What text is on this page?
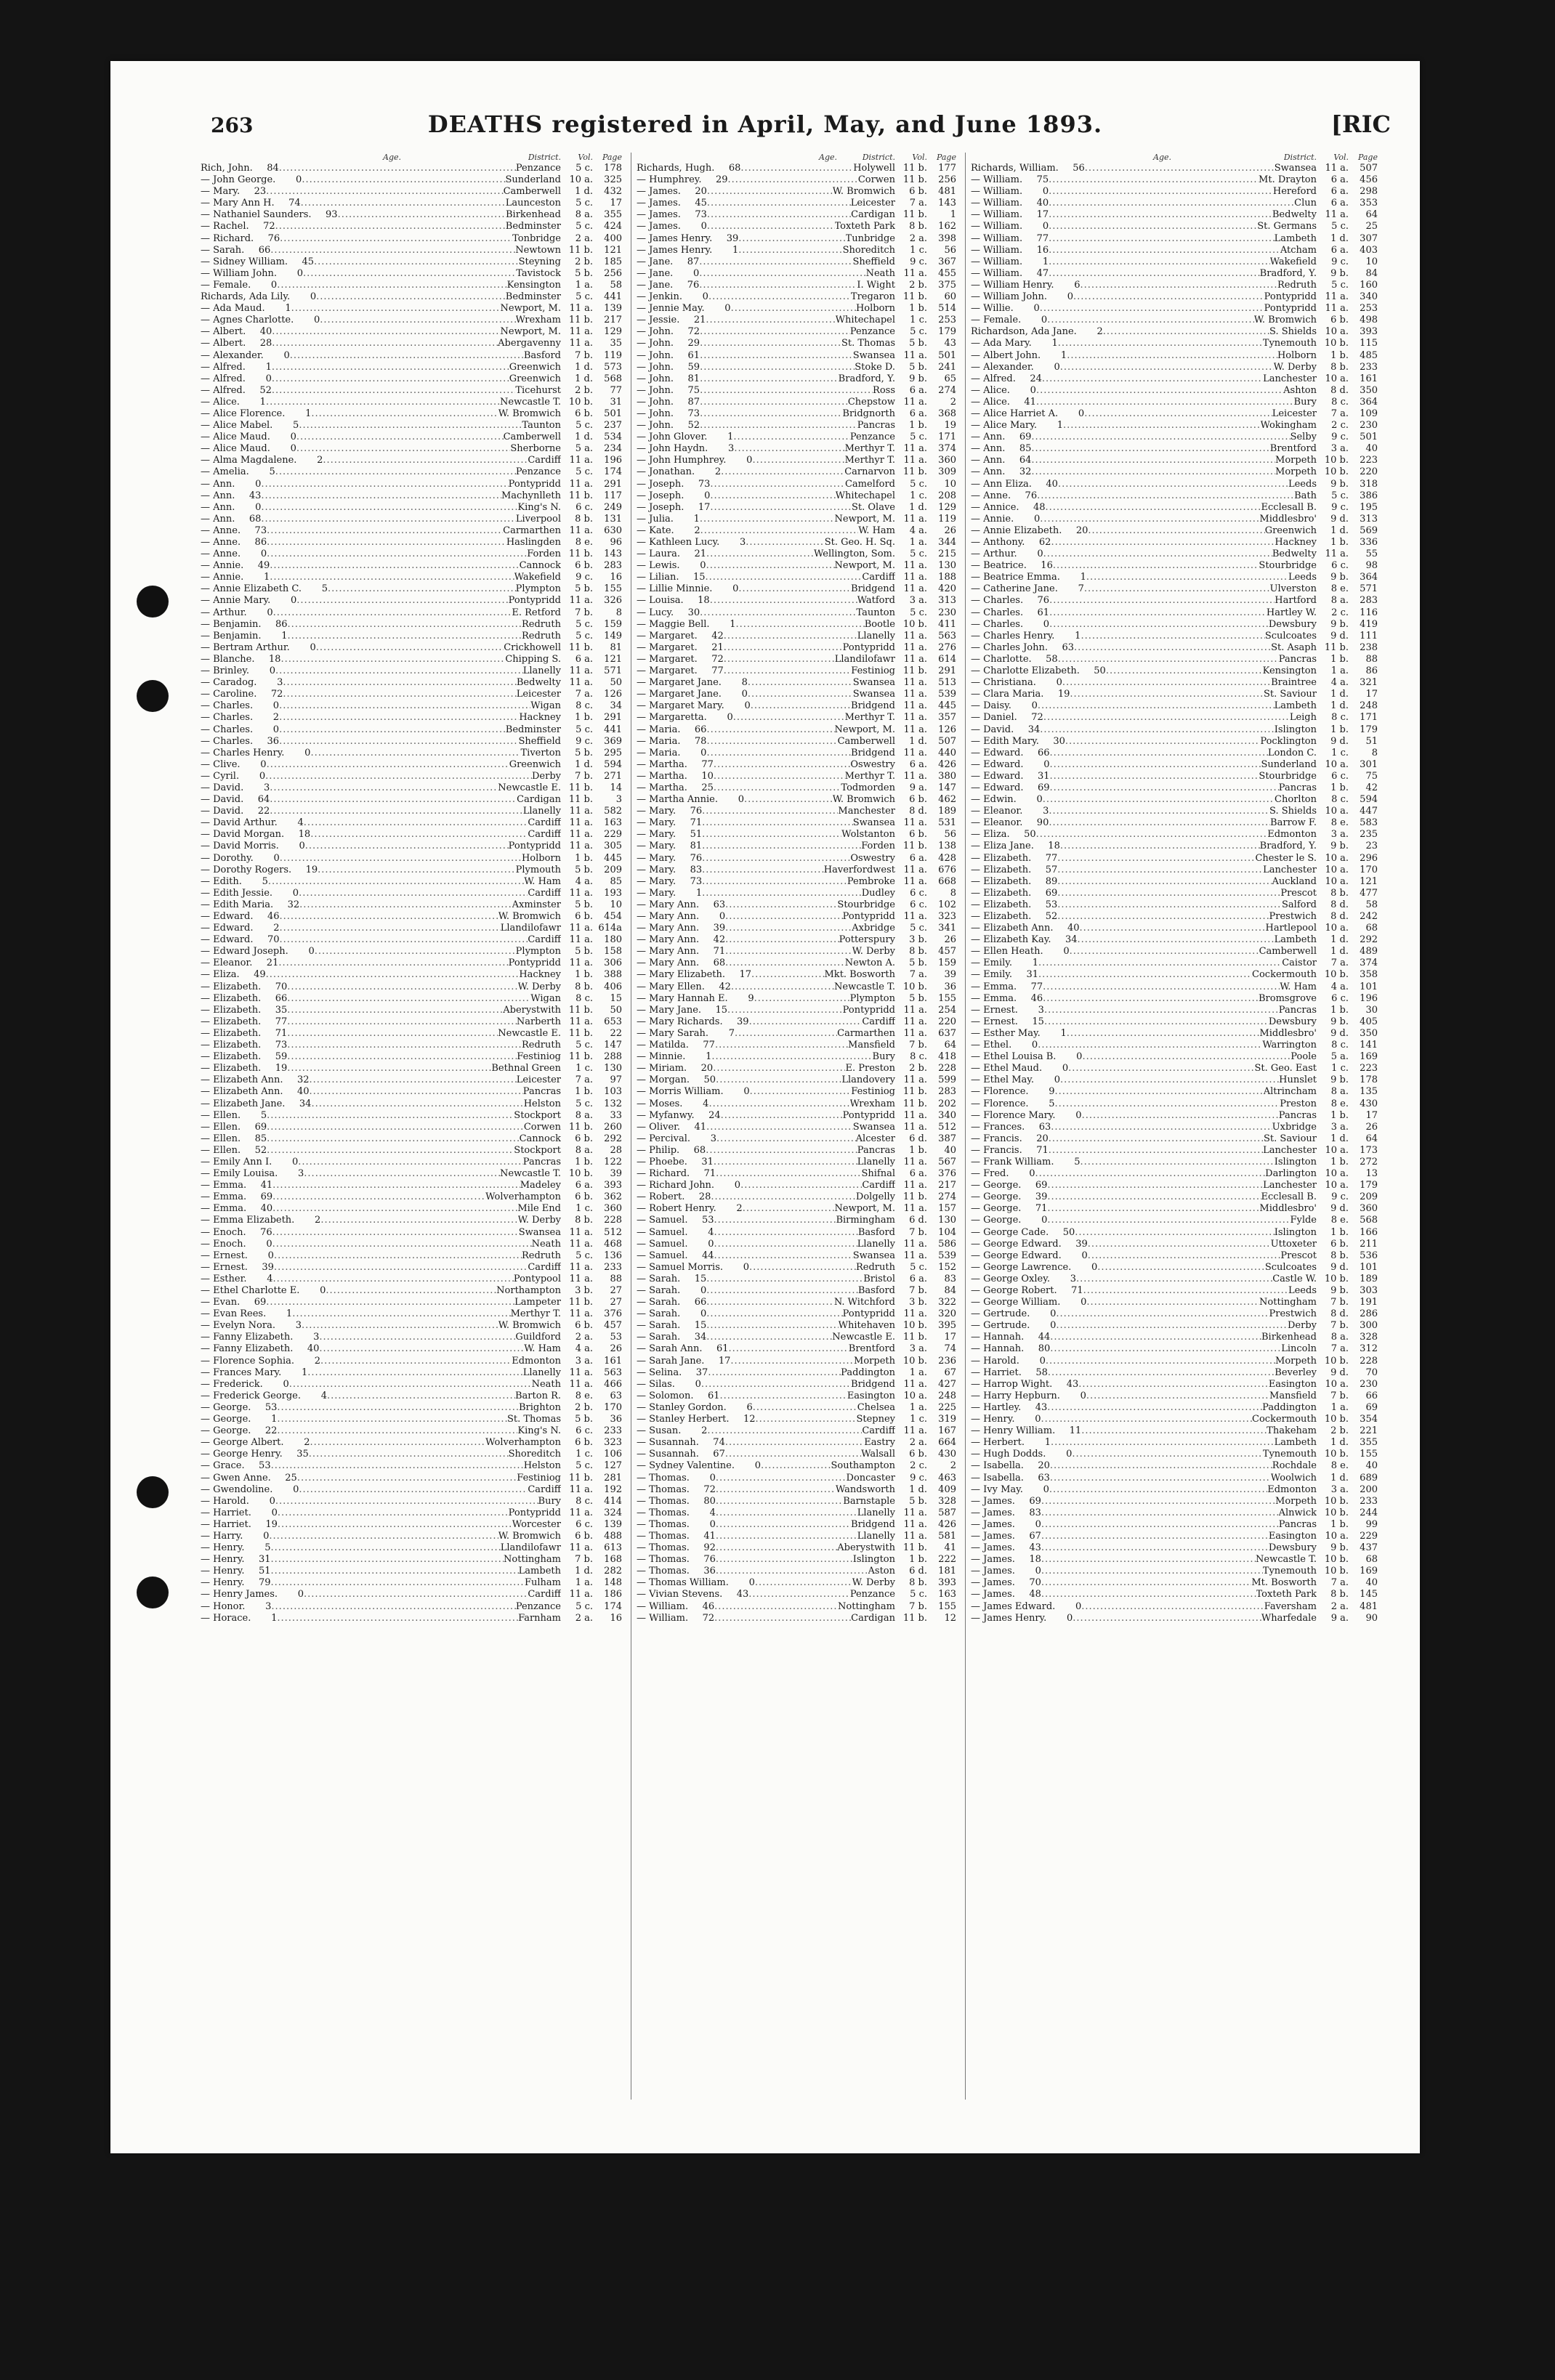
263	DEATHS registered in April, May, and June 1893.	[RIC
Age.	District.	Vol.	Page
Rich, John.	84 .....	Penzance	5 c.	178
— John George.	0 .....	Sunderland 10 a.	325
— Mary.	23 .....	Camberwell	1 d.	432
— Mary Ann H.	74 .....	Launceston	5 c.	17
— Nathaniel Saunders.	93 .....	Birkenhead	8 a.	355
— Rachel.	72 .....	Bedminster	5 c.	424
— Richard.	76 .....	Tonbridge	2 a.	400
— Sarah.	66 .....	Newtown 11 b.	121
— Sidney William.	45 .....	Steyning	2 b.	185
— William John.	0 .....	Tavistock	5 b.	256
— Female.	0 .....	Kensington	1 a.	58
Richards, Ada Lily.	0 .....	Bedminster	5 c.	441
— Ada Maud.	1 .....	Newport, M. 11 a.	139
— Agnes Charlotte.	0 .....	Wrexham 11 b.	217
— Albert.	40 .....	Newport, M. 11 a.	129
— Albert.	28 .....	Abergavenny 11 a.	35
— Alexander.	0 .....	Basford	7 b.	119
— Alfred.	1 .....	Greenwich	1 d.	573
— Alfred.	0 .....	Greenwich	1 d.	568
— Alfred.	52 .....	Ticehurst	2 b.	77
— Alice.	1 .....	Newcastle T. 10 b.	31
— Alice Florence.	1 .....	W. Bromwich	6 b.	501
— Alice Mabel.	5 .....	Taunton	5 c.	237
— Alice Maud.	0 .....	Camberwell	1 d.	534
— Alice Maud.	0 .....	Sherborne	5 a.	234
— Alma Magdalene.	2 .....	Cardiff 11 a.	196
— Amelia.	5 .....	Penzance	5 c.	174
— Ann.	0 .....	Pontypridd 11 a.	291
— Ann.	43 .....	Machynlleth 11 b.	117
— Ann.	0 .....	King's N.	6 c.	249
— Ann.	68 .....	Liverpool	8 b.	131
— Anne.	73 .....	Carmarthen 11 a.	630
— Anne.	86 .....	Haslingden	8 e.	96
— Anne.	0 .....	Forden 11 b.	143
— Annie.	49 .....	Cannock	6 b.	283
— Annie.	1 .....	Wakefield	9 c.	16
— Annie Elizabeth C.	5 .....	Plympton	5 b.	155
— Annie Mary.	0 .....	Pontypridd 11 a.	326
— Arthur.	0 .....	E. Retford	7 b.	8
— Benjamin.	86 .....	Redruth	5 c.	159
— Benjamin.	1 .....	Redruth	5 c.	149
— Bertram Arthur.	0 .....	Crickhowell 11 b.	81
— Blanche.	18 .....	Chipping S.	6 a.	121
— Brinley.	0 .....	Llanelly 11 a.	571
— Caradog.	3 .....	Bedwelty 11 a.	50
— Caroline.	72 .....	Leicester	7 a.	126
— Charles.	0 .....	Wigan	8 c.	34
— Charles.	2 .....	Hackney	1 b.	291
— Charles.	0 .....	Bedminster	5 c.	441
— Charles.	36 .....	Sheffield	9 c.	369
— Charles Henry.	0 .....	Tiverton	5 b.	295
— Clive.	0 .....	Greenwich	1 d.	594
— Cyril.	0 .....	Derby	7 b.	271
— David.	3 .....	Newcastle E. 11 b.	14
— David.	64 .....	Cardigan 11 b.	3
— David.	22 .....	Llanelly 11 a.	582
— David Arthur.	4 .....	Cardiff 11 a.	163
— David Morgan.	18 .....	Cardiff 11 a.	229
— David Morris.	0 .....	Pontypridd 11 a.	305
— Dorothy.	0 .....	Holborn	1 b.	445
— Dorothy Rogers.	19 .....	Plymouth	5 b.	209
— Edith.	5 .....	W. Ham	4 a.	85
— Edith Jessie.	0 .....	Cardiff 11 a.	193
— Edith Maria.	32 .....	Axminster	5 b.	10
— Edward.	46 .....	W. Bromwich	6 b.	454
— Edward.	2 .....	Llandilofawr 11 a. 614a
— Edward.	70 .....	Cardiff 11 a.	180
— Edward Joseph.	0 .....	Plympton	5 b.	158
— Eleanor.	21 .....	Pontypridd 11 a.	306
— Eliza.	49 .....	Hackney	1 b.	388
— Elizabeth.	70 .....	W. Derby	8 b.	406
— Elizabeth.	66 .....	Wigan	8 c.	15
— Elizabeth.	35 .....	Aberystwith 11 b.	50
— Elizabeth.	77 .....	Narberth 11 a.	653
— Elizabeth.	71 .....	Newcastle E. 11 b.	22
— Elizabeth.	73 .....	Redruth	5 c.	147
— Elizabeth.	59 .....	Festiniog 11 b.	288
— Elizabeth.	19 .....	Bethnal Green	1 c.	130
— Elizabeth Ann.	32 .....	Leicester	7 a.	97
— Elizabeth Ann.	40 .....	Pancras	1 b.	103
— Elizabeth Jane.	34 .....	Helston	5 c.	132
— Ellen.	5 .....	Stockport	8 a.	33
— Ellen.	69 .....	Corwen 11 b.	260
— Ellen.	85 .....	Cannock	6 b.	292
— Ellen.	52 .....	Stockport	8 a.	28
— Emily Ann I.	0 .....	Pancras	1 b.	122
— Emily Louisa.	3 .....	Newcastle T. 10 b.	39
— Emma.	41 .....	Madeley	6 a.	393
— Emma.	69 .....	Wolverhampton	6 b.	362
— Emma.	40 .....	Mile End	1 c.	360
— Emma Elizabeth.	2 .....	W. Derby	8 b.	228
— Enoch.	76 .....	Swansea 11 a.	512
— Enoch.	0 .....	Neath 11 a.	468
— Ernest.	0 .....	Redruth	5 c.	136
— Ernest.	39 .....	Cardiff 11 a.	233
— Esther.	4 .....	Pontypool 11 a.	88
— Ethel Charlotte E.	0 .....	Northampton	3 b.	27
— Evan.	69 .....	Lampeter 11 b.	27
— Evan Rees.	1 .....	Merthyr T. 11 a.	376
— Evelyn Nora.	3 .....	W. Bromwich	6 b.	457
— Fanny Elizabeth.	3 .....	Guildford	2 a.	53
— Fanny Elizabeth.	40 .....	W. Ham	4 a.	26
— Florence Sophia.	2 .....	Edmonton	3 a.	161
— Frances Mary.	1 .....	Llanelly 11 a.	563
— Frederick.	0 .....	Neath 11 a.	466
— Frederick George.	4 .....	Barton R.	8 e.	63
— George.	53 .....	Brighton	2 b.	170
— George.	1 .....	St. Thomas	5 b.	36
— George.	22 .....	King's N.	6 c.	233
— George Albert.	2 .....	Wolverhampton	6 b.	323
— George Henry.	35 .....	Shoreditch	1 c.	106
— Grace.	53 .....	Helston	5 c.	127
— Gwen Anne.	25 .....	Festiniog 11 b.	281
— Gwendoline.	0 .....	Cardiff 11 a.	192
— Harold.	0 .....	Bury	8 c.	414
— Harriet.	0 .....	Pontypridd 11 a.	324
— Harriet.	19 .....	Worcester	6 c.	139
— Harry.	0 .....	W. Bromwich	6 b.	488
— Henry.	5 .....	Llandilofawr 11 a.	613
— Henry.	31 .....	Nottingham	7 b.	168
— Henry.	51 .....	Lambeth	1 d.	282
— Henry.	79 .....	Fulham	1 a.	148
— Henry James.	0 .....	Cardiff 11 a.	186
— Honor.	3 .....	Penzance	5 c.	174
— Horace.	1 .....	Farnham	2 a.	16
Age.	District.	Vol.	Page
Richards, Hugh.	68 .....	Holywell 11 b.	177
— Humphrey.	29 .....	Corwen 11 b.	256
— James.	20 .....	W. Bromwich	6 b.	481
— James.	45 .....	Leicester	7 a.	143
— James.	73 .....	Cardigan 11 b.	1
— James.	0 .....	Toxteth Park	8 b.	162
— James Henry.	39 .....	Tunbridge	2 a.	398
— James Henry.	1 .....	Shoreditch	1 c.	56
— Jane.	87 .....	Sheffield	9 c.	367
— Jane.	0 .....	Neath 11 a.	455
— Jane.	76 .....	I. Wight	2 b.	375
— Jenkin.	0 .....	Tregaron 11 b.	60
— Jennie May.	0 .....	Holborn	1 b.	514
— Jessie.	21 .....	Whitechapel	1 c.	253
— John.	72 .....	Penzance	5 c.	179
— John.	29 .....	St. Thomas	5 b.	43
— John.	61 .....	Swansea 11 a.	501
— John.	59 .....	Stoke D.	5 b.	241
— John.	81 .....	Bradford, Y.	9 b.	65
— John.	75 .....	Ross	6 a.	274
— John.	87 .....	Chepstow 11 a.	2
— John.	73 .....	Bridgnorth	6 a.	368
— John.	52 .....	Pancras	1 b.	19
— John Glover.	1 .....	Penzance	5 c.	171
— John Haydn.	3 .....	Merthyr T. 11 a.	374
— John Humphrey.	0 .....	Merthyr T. 11 a.	360
— Jonathan.	2 .....	Carnarvon 11 b.	309
— Joseph.	73 .....	Camelford	5 c.	10
— Joseph.	0 .....	Whitechapel	1 c.	208
— Joseph.	17 .....	St. Olave	1 d.	129
— Julia.	1 .....	Newport, M. 11 a.	119
— Kate.	2 .....	W. Ham	4 a.	26
— Kathleen Lucy.	3 .....	St. Geo. H. Sq.	1 a.	344
— Laura.	21 .....	Wellington, Som.	5 c.	215
— Lewis.	0 .....	Newport, M. 11 a.	130
— Lilian.	15 .....	Cardiff 11 a.	188
— Lillie Minnie.	0 .....	Bridgend 11 a.	420
— Louisa.	18 .....	Watford	3 a.	313
— Lucy.	30 .....	Taunton	5 c.	230
— Maggie Bell.	1 .....	Bootle 10 b.	411
— Margaret.	42 .....	Llanelly 11 a.	563
— Margaret.	21 .....	Pontypridd 11 a.	276
— Margaret.	72 .....	Llandilofawr 11 a.	614
— Margaret.	77 .....	Festiniog 11 b.	291
— Margaret Jane.	8 .....	Swansea 11 a.	513
— Margaret Jane.	0 .....	Swansea 11 a.	539
— Margaret Mary.	0 .....	Bridgend 11 a.	445
— Margaretta.	0 .....	Merthyr T. 11 a.	357
— Maria.	66 .....	Newport, M. 11 a.	126
— Maria.	78 .....	Camberwell	1 d.	507
— Maria.	0 .....	Bridgend 11 a.	440
— Martha.	77 .....	Oswestry	6 a.	426
— Martha.	10 .....	Merthyr T. 11 a.	380
— Martha.	25 .....	Todmorden	9 a.	147
— Martha Annie.	0 .....	W. Bromwich	6 b.	462
— Mary.	76 .....	Manchester	8 d.	189
— Mary.	71 .....	Swansea 11 a.	531
— Mary.	51 .....	Wolstanton	6 b.	56
— Mary.	81 .....	Forden 11 b.	138
— Mary.	76 .....	Oswestry	6 a.	428
— Mary.	83 .....	Haverfordwest 11 a.	676
— Mary.	73 .....	Pembroke 11 a.	668
— Mary.	1 .....	Dudley	6 c.	8
— Mary Ann.	63 .....	Stourbridge	6 c.	102
— Mary Ann.	0 .....	Pontypridd 11 a.	323
— Mary Ann.	39 .....	Axbridge	5 c.	341
— Mary Ann.	42 .....	Potterspury	3 b.	26
— Mary Ann.	71 .....	W. Derby	8 b.	457
— Mary Ann.	68 .....	Newton A.	5 b.	159
— Mary Elizabeth.	17 .....	Mkt. Bosworth	7 a.	39
— Mary Ellen.	42 .....	Newcastle T. 10 b.	36
— Mary Hannah E.	9 .....	Plympton	5 b.	155
— Mary Jane.	15 .....	Pontypridd 11 a.	254
— Mary Richards.	39 .....	Cardiff 11 a.	220
— Mary Sarah.	7 .....	Carmarthen 11 a.	637
— Matilda.	77 .....	Mansfield	7 b.	64
— Minnie.	1 .....	Bury	8 c.	418
— Miriam.	20 .....	E. Preston	2 b.	228
— Morgan.	50 .....	Llandovery 11 a.	599
— Morris William.	0 .....	Festiniog 11 b.	283
— Moses.	4 .....	Wrexham 11 b.	202
— Myfanwy.	24 .....	Pontypridd 11 a.	340
— Oliver.	41 .....	Swansea 11 a.	512
— Percival.	3 .....	Alcester	6 d.	387
— Philip.	68 .....	Pancras	1 b.	40
— Phoebe.	31 .....	Llanelly 11 a.	567
— Richard.	71 .....	Shifnal	6 a.	376
— Richard John.	0 .....	Cardiff 11 a.	217
— Robert.	28 .....	Dolgelly 11 b.	274
— Robert Henry.	2 .....	Newport, M. 11 a.	157
— Samuel.	53 .....	Birmingham	6 d.	130
— Samuel.	4 .....	Basford	7 b.	104
— Samuel.	0 .....	Llanelly 11 a.	586
— Samuel.	44 .....	Swansea 11 a.	539
— Samuel Morris.	0 .....	Redruth	5 c.	152
— Sarah.	15 .....	Bristol	6 a.	83
— Sarah.	0 .....	Basford	7 b.	84
— Sarah.	66 .....	N. Witchford	3 b.	322
— Sarah.	0 .....	Pontypridd 11 a.	320
— Sarah.	15 .....	Whitehaven 10 b.	395
— Sarah.	34 .....	Newcastle E. 11 b.	17
— Sarah Ann.	61 .....	Brentford	3 a.	74
— Sarah Jane.	17 .....	Morpeth 10 b.	236
— Selina.	37 .....	Paddington	1 a.	67
— Silas.	0 .....	Bridgend 11 a.	427
— Solomon.	61 .....	Easington 10 a.	248
— Stanley Gordon.	6 .....	Chelsea	1 a.	225
— Stanley Herbert.	12 .....	Stepney	1 c.	319
— Susan.	2 .....	Cardiff 11 a.	167
— Susannah.	74 .....	Eastry	2 a.	664
— Susannah.	67 .....	Walsall	6 b.	430
— Sydney Valentine.	0 .....	Southampton	2 c.	2
— Thomas.	0 .....	Doncaster	9 c.	463
— Thomas.	72 .....	Wandsworth	1 d.	409
— Thomas.	80 .....	Barnstaple	5 b.	328
— Thomas.	4 .....	Llanelly 11 a.	587
— Thomas.	0 .....	Bridgend 11 a.	426
— Thomas.	41 .....	Llanelly 11 a.	581
— Thomas.	92 .....	Aberystwith 11 b.	41
— Thomas.	76 .....	Islington	1 b.	222
— Thomas.	36 .....	Aston	6 d.	181
— Thomas William.	0 .....	W. Derby	8 b.	393
— Vivian Stevens.	43 .....	Penzance	5 c.	163
— William.	46 .....	Nottingham	7 b.	155
— William.	72 .....	Cardigan 11 b.	12
Age.	District.	Vol.	Page
Richards, William.	56 .....	Swansea 11 a.	507
— William.	75 .....	Mt. Drayton	6 a.	456
— William.	0 .....	Hereford	6 a.	298
— William.	40 .....	Clun	6 a.	353
— William.	17 .....	Bedwelty 11 a.	64
— William.	0 .....	St. Germans	5 c.	25
— William.	77 .....	Lambeth	1 d.	307
— William.	16 .....	Atcham	6 a.	403
— William.	1 .....	Wakefield	9 c.	10
— William.	47 .....	Bradford, Y.	9 b.	84
— William Henry.	6 .....	Redruth	5 c.	160
— William John.	0 .....	Pontypridd 11 a.	340
— Willie.	0 .....	Pontypridd 11 a.	253
— Female.	0 .....	W. Bromwich	6 b.	498
Richardson, Ada Jane.	2 .....	S. Shields 10 a.	393
— Ada Mary.	1 .....	Tynemouth 10 b.	115
— Albert John.	1 .....	Holborn	1 b.	485
— Alexander.	0 .....	W. Derby	8 b.	233
— Alfred.	24 .....	Lanchester 10 a.	161
— Alice.	0 .....	Ashton	8 d.	350
— Alice.	41 .....	Bury	8 c.	364
— Alice Harriet A.	0 .....	Leicester	7 a.	109
— Alice Mary.	1 .....	Wokingham	2 c.	230
— Ann.	69 .....	Selby	9 c.	501
— Ann.	85 .....	Brentford	3 a.	40
— Ann.	64 .....	Morpeth 10 b.	223
— Ann.	32 .....	Morpeth 10 b.	220
— Ann Eliza.	40 .....	Leeds	9 b.	318
— Anne.	76 .....	Bath	5 c.	386
— Annice.	48 .....	Ecclesall B.	9 c.	195
— Annie.	0 .....	Middlesbro'	9 d.	313
— Annie Elizabeth.	20 .....	Greenwich	1 d.	569
— Anthony.	62 .....	Hackney	1 b.	336
— Arthur.	0 .....	Bedwelty 11 a.	55
— Beatrice.	16 .....	Stourbridge	6 c.	98
— Beatrice Emma.	1 .....	Leeds	9 b.	364
— Catherine Jane.	7 .....	Ulverston	8 e.	571
— Charles.	76 .....	Hartford	8 a.	283
— Charles.	61 .....	Hartley W.	2 c.	116
— Charles.	0 .....	Dewsbury	9 b.	419
— Charles Henry.	1 .....	Sculcoates	9 d.	111
— Charles John.	63 .....	St. Asaph 11 b.	238
— Charlotte.	58 .....	Pancras	1 b.	88
— Charlotte Elizabeth.	50 .....	Kensington	1 a.	86
— Christiana.	0 .....	Braintree	4 a.	321
— Clara Maria.	19 .....	St. Saviour	1 d.	17
— Daisy.	0 .....	Lambeth	1 d.	248
— Daniel.	72 .....	Leigh	8 c.	171
— David.	34 .....	Islington	1 b.	179
— Edith Mary.	30 .....	Pocklington	9 d.	51
— Edward.	66 .....	London C.	1 c.	8
— Edward.	0 .....	Sunderland 10 a.	301
— Edward.	31 .....	Stourbridge	6 c.	75
— Edward.	69 .....	Pancras	1 b.	42
— Edwin.	0 .....	Chorlton	8 c.	594
— Eleanor.	3 .....	S. Shields 10 a.	447
— Eleanor.	90 .....	Barrow F.	8 e.	583
— Eliza.	50 .....	Edmonton	3 a.	235
— Eliza Jane.	18 .....	Bradford, Y.	9 b.	23
— Elizabeth.	77 .....	Chester le S. 10 a.	296
— Elizabeth.	57 .....	Lanchester 10 a.	170
— Elizabeth.	89 .....	Auckland 10 a.	121
— Elizabeth.	69 .....	Prescot	8 b.	477
— Elizabeth.	53 .....	Salford	8 d.	58
— Elizabeth.	52 .....	Prestwich	8 d.	242
— Elizabeth Ann.	40 .....	Hartlepool 10 a.	68
— Elizabeth Kay.	34 .....	Lambeth	1 d.	292
— Ellen Heath.	0 .....	Camberwell	1 d.	489
— Emily.	1 .....	Caistor	7 a.	374
— Emily.	31 .....	Cockermouth 10 b.	358
— Emma.	77 .....	W. Ham	4 a.	101
— Emma.	46 .....	Bromsgrove	6 c.	196
— Ernest.	3 .....	Pancras	1 b.	30
— Ernest.	15 .....	Dewsbury	9 b.	405
— Esther May.	1 .....	Middlesbro'	9 d.	350
— Ethel.	0 .....	Warrington	8 c.	141
— Ethel Louisa B.	0 .....	Poole	5 a.	169
— Ethel Maud.	0 .....	St. Geo. East	1 c.	223
— Ethel May.	0 .....	Hunslet	9 b.	178
— Florence.	9 .....	Altrincham	8 a.	135
— Florence.	5 .....	Preston	8 e.	430
— Florence Mary.	0 .....	Pancras	1 b.	17
— Frances.	63 .....	Uxbridge	3 a.	26
— Francis.	20 .....	St. Saviour	1 d.	64
— Francis.	71 .....	Lanchester 10 a.	173
— Frank William.	5 .....	Islington	1 b.	272
— Fred.	0 .....	Darlington 10 a.	13
— George.	69 .....	Lanchester 10 a.	179
— George.	39 .....	Ecclesall B.	9 c.	209
— George.	71 .....	Middlesbro'	9 d.	360
— George.	0 .....	Fylde	8 e.	568
— George Cade.	50 .....	Islington	1 b.	166
— George Edward.	39 .....	Uttoxeter	6 b.	211
— George Edward.	0 .....	Prescot	8 b.	536
— George Lawrence.	0 .....	Sculcoates	9 d.	101
— George Oxley.	3 .....	Castle W. 10 b.	189
— George Robert.	71 .....	Leeds	9 b.	303
— George William.	0 .....	Nottingham	7 b.	191
— Gertrude.	0 .....	Prestwich	8 d.	286
— Gertrude.	0 .....	Derby	7 b.	300
— Hannah.	44 .....	Birkenhead	8 a.	328
— Hannah.	80 .....	Lincoln	7 a.	312
— Harold.	0 .....	Morpeth 10 b.	228
— Harriet.	58 .....	Beverley	9 d.	70
— Harrop Wight.	43 .....	Easington 10 a.	230
— Harry Hepburn.	0 .....	Mansfield	7 b.	66
— Hartley.	43 .....	Paddington	1 a.	69
— Henry.	0 .....	Cockermouth 10 b.	354
— Henry William.	11 .....	Thakeham	2 b.	221
— Herbert.	1 .....	Lambeth	1 d.	355
— Hugh Dodds.	0 .....	Tynemouth 10 b.	155
— Isabella.	20 .....	Rochdale	8 e.	40
— Isabella.	63 .....	Woolwich	1 d.	689
— Ivy May.	0 .....	Edmonton	3 a.	200
— James.	69 .....	Morpeth 10 b.	233
— James.	83 .....	Alnwick 10 b.	244
— James.	0 .....	Pancras	1 b.	99
— James.	67 .....	Easington 10 a.	229
— James.	43 .....	Dewsbury	9 b.	437
— James.	18 .....	Newcastle T. 10 b.	68
— James.	0 .....	Tynemouth 10 b.	169
— James.	70 .....	Mt. Bosworth	7 a.	40
— James.	48 .....	Toxteth Park	8 b.	145
— James Edward.	0 .....	Faversham	2 a.	481
— James Henry.	0 .....	Wharfedale	9 a.	90
